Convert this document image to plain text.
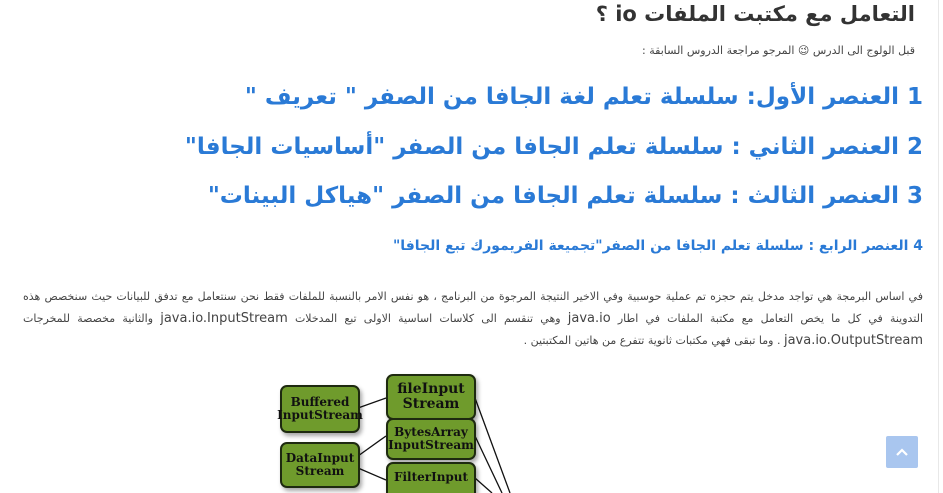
التعامل مع مكتبت الملفات io ؟

قبل الولوج الى الدرس 😉 المرجو مراجعة الدروس السابقة :

1 العنصر الأول: سلسلة تعلم لغة الجافا من الصفر " تعريف "
2 العنصر الثاني : سلسلة تعلم الجافا من الصفر "أساسيات الجافا"
3 العنصر الثالث : سلسلة تعلم الجافا من الصفر "هياكل البينات"
4 العنصر الرابع : سلسلة تعلم الجافا من الصفر"تجميعة الفريمورك تبع الجافا"

في اساس البرمجة هي تواجد مدخل يتم حجزه تم عملية حوسبية وفي الاخير النتيجة المرجوة من البرنامج ، هو نفس الامر بالنسبة للملفات فقط نحن سنتعامل مع تدفق للبيانات حيث سنخصص هذه التدوينة في كل ما يخص التعامل مع مكتبة الملفات في اطار java.io وهي تنقسم الى كلاسات اساسية الاولى تبع المدخلات java.io.InputStream والثانية مخصصة للمخرجات java.io.OutputStream . وما تبقى فهي مكتبات ثانوية تتفرع من هاتين المكتبتين .

Buffered InputStream
DataInput Stream
fileInput Stream
BytesArray InputStream
FilterInput
